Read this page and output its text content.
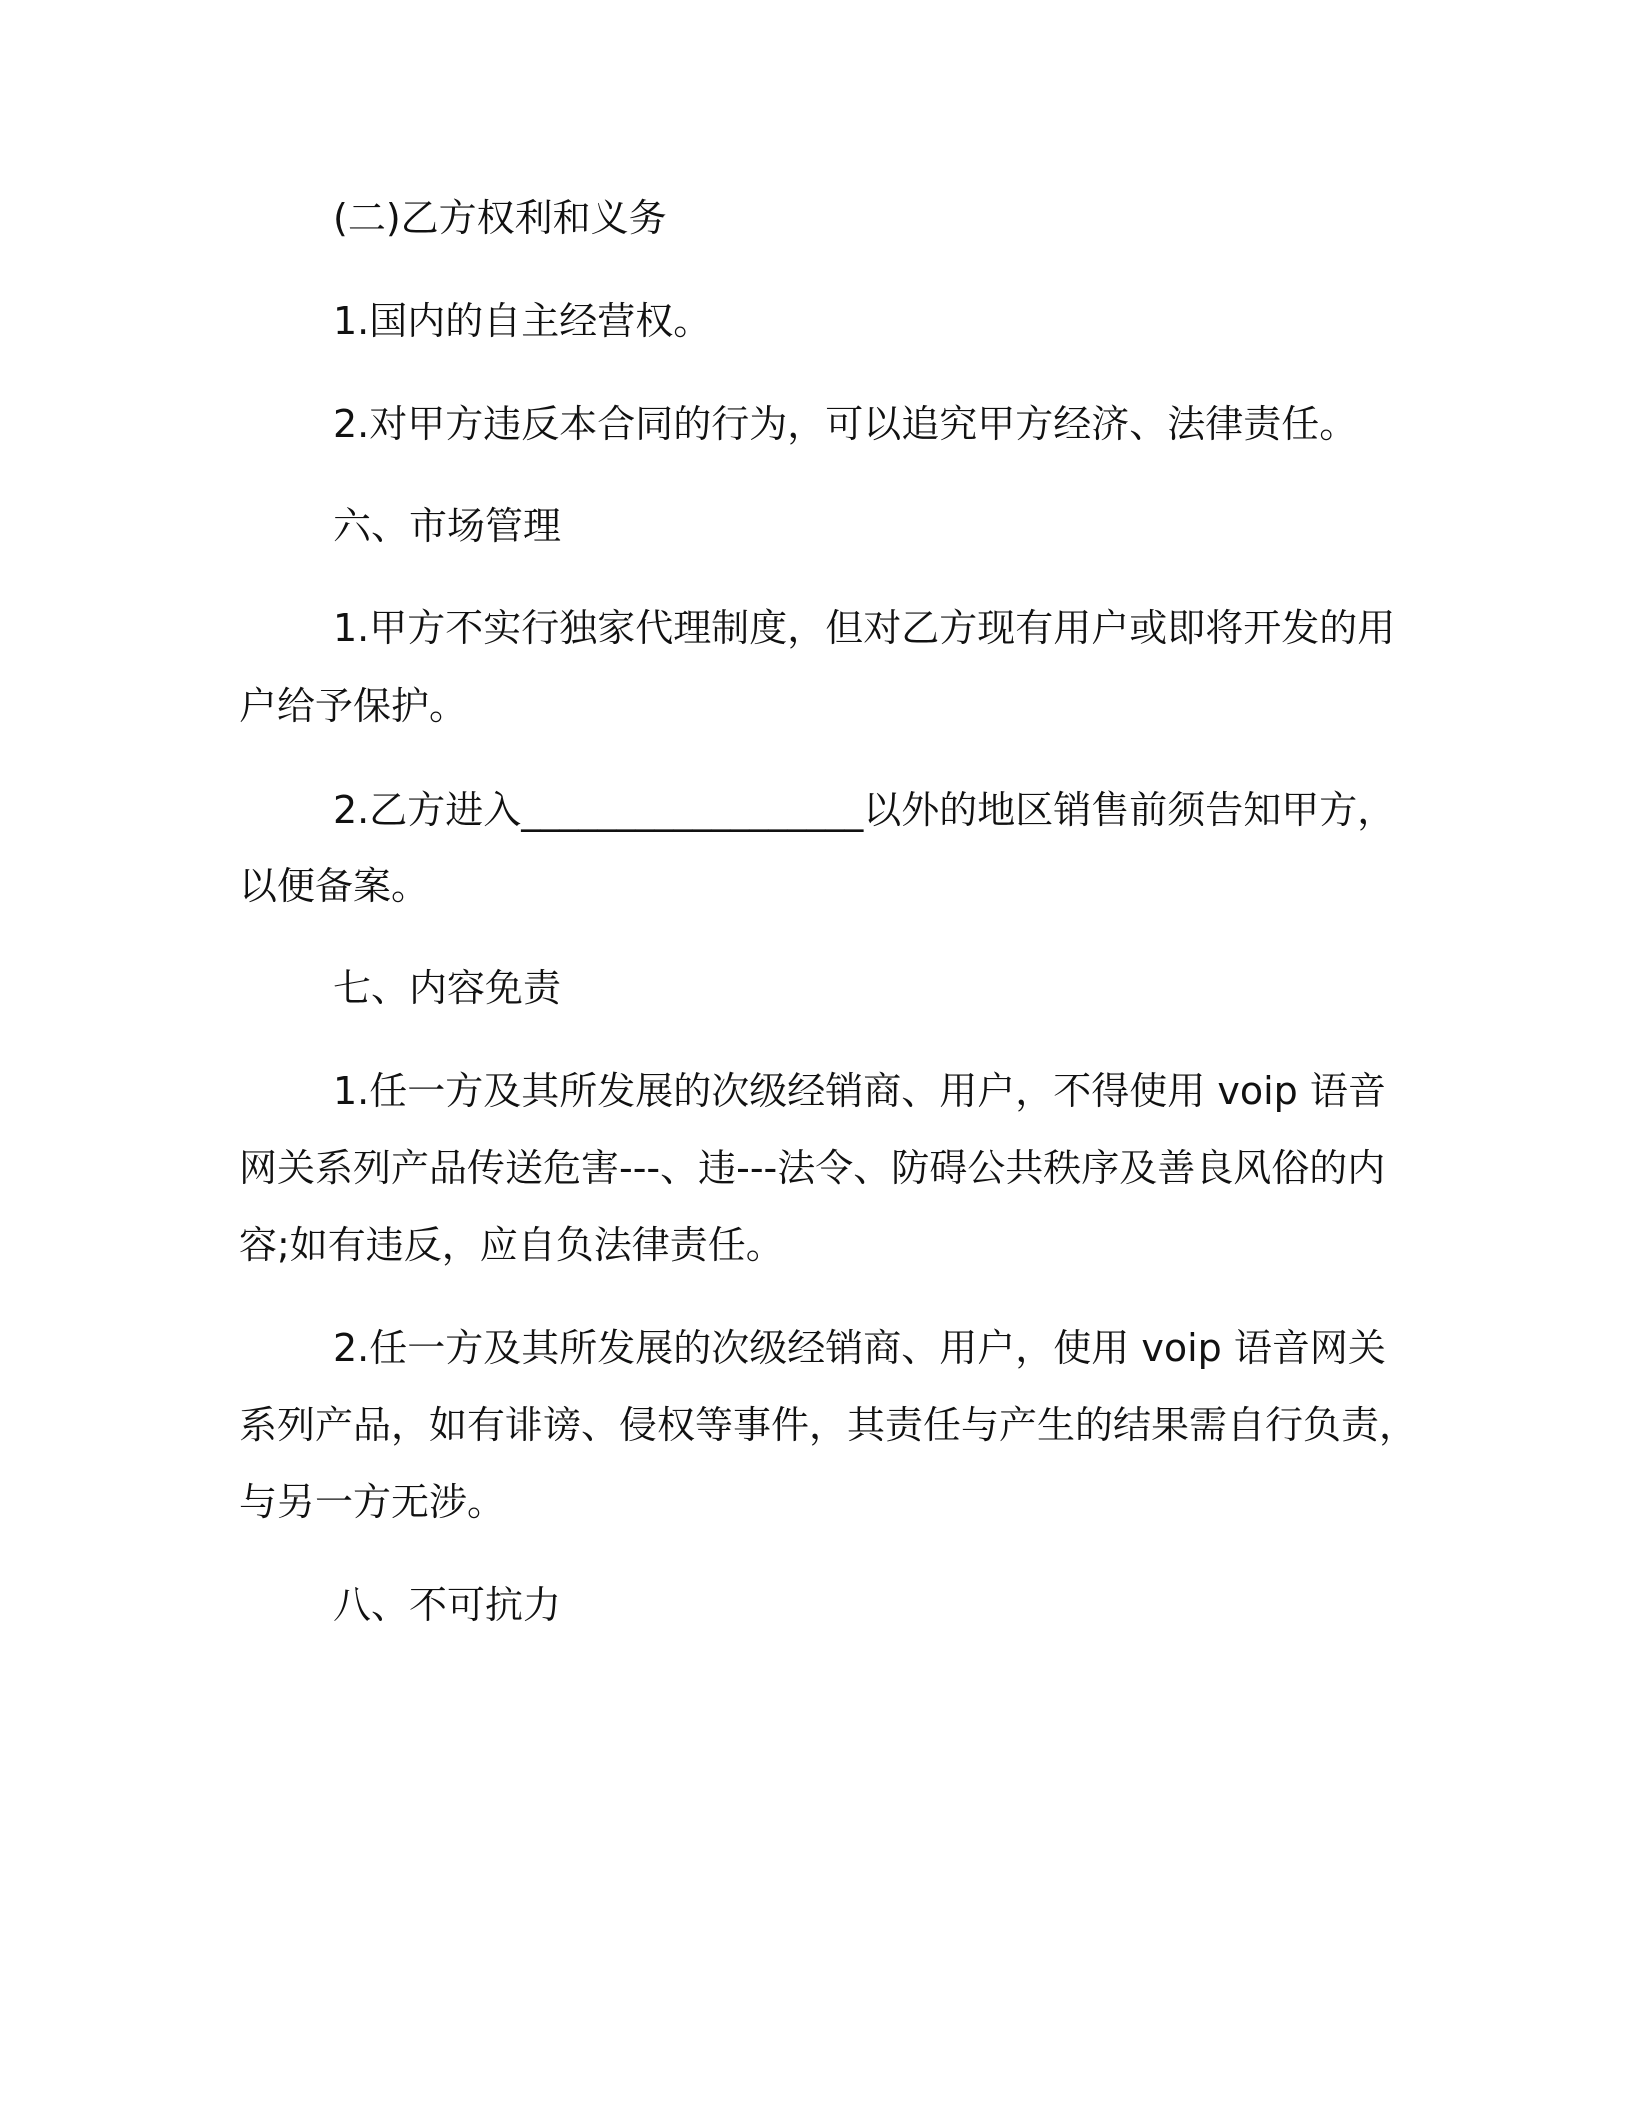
(二)乙方权利和义务
1.国内的自主经营权。
2.对甲方违反本合同的行为，可以追究甲方经济、法律责任。
六、市场管理
1.甲方不实行独家代理制度，但对乙方现有用户或即将开发的用
户给予保护。
2.乙方进入__________________以外的地区销售前须告知甲方，
以便备案。
七、内容免责
1.任一方及其所发展的次级经销商、用户，不得使用 voip 语音
网关系列产品传送危害---、违---法令、防碍公共秩序及善良风俗的内
容;如有违反，应自负法律责任。
2.任一方及其所发展的次级经销商、用户，使用 voip 语音网关
系列产品，如有诽谤、侵权等事件，其责任与产生的结果需自行负责，
与另一方无涉。
八、不可抗力
